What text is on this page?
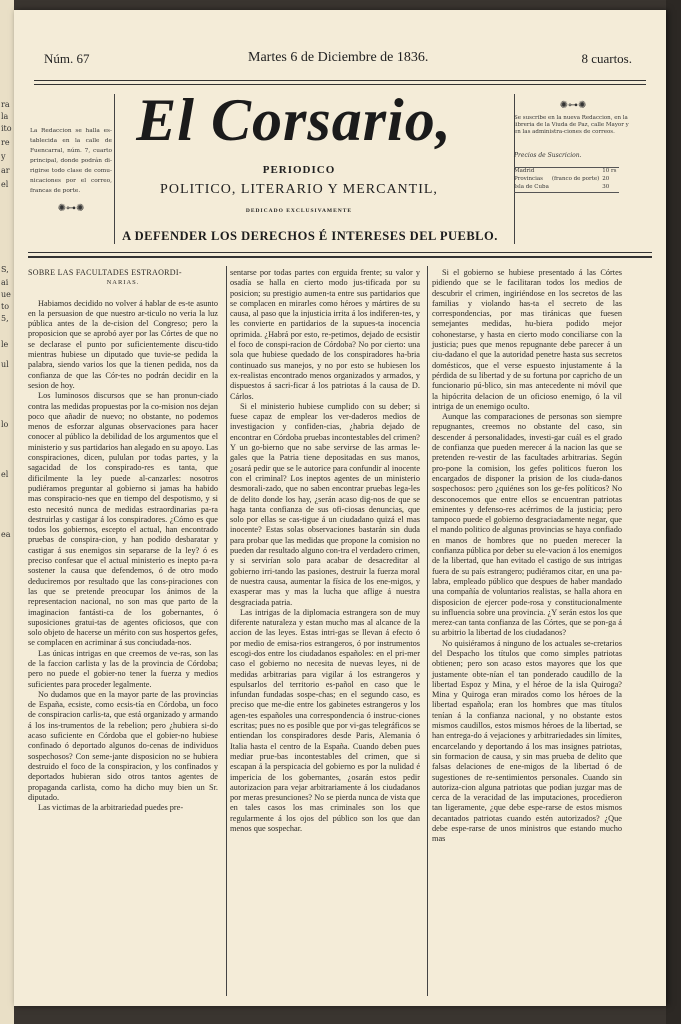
ra
la
ito
re
y
ar
el
S,
ai
ue
to
5,
le
ul
lo
el
ea
Núm. 67	Martes 6 de Diciembre de 1836.	8 cuartos.
La Redaccion se halla es-tablecida en la calle de Fuencarral, núm. 7, cuarto principal, donde podrán di-rigirse todo clase de comu-nicaciones por el correo, francas de porte.
✺⊶✺
El Corsario,
PERIODICO
POLITICO, LITERARIO Y MERCANTIL,
DEDICADO EXCLUSIVAMENTE
A DEFENDER LOS DERECHOS É INTERESES DEL PUEBLO.
✺⊶✺
Se suscribe en la nueva Redaccion, en la libreria de la Viuda de Paz, calle Mayor y en las administra-ciones de correos.
Precios de Suscricion.
Madrid		10 rs
Provincias	(franco de porte)	20
Isla de Cuba		30

SOBRE LAS FACULTADES ESTRAORDI-

NARIAS.

Habiamos decidido no volver á hablar de es-te asunto en la persuasion de que nuestro ar-ticulo no veria la luz pública antes de la de-cision del Congreso; pero la proposicion que se aprobó ayer por las Córtes de que no se declarase el punto por suficientemente discu-tido mientras hubiese un diputado que tuvie-se pedida la palabra, siendo varios los que la tienen pedida, nos da confianza de que las Cór-tes no podrán decidir en la sesion de hoy.

Los luminosos discursos que se han pronun-ciado contra las medidas propuestas por la co-mision nos dejan poco que añadir de nuevo; no obstante, no podemos menos de esforzar algunas observaciones para hacer conocer al público la debilidad de los argumentos que el ministerio y sus partidarios han alegado en su apoyo. Las conspiraciones, dicen, pululan por todas partes, y la sagacidad de los conspirado-res es tanta, que dificilmente la ley puede al-canzarles: nosotros pudiéramos preguntar al gobierno si jamas ha habido mas conspiracio-nes que en tiempo del despotismo, y si esto necesitó nunca de medidas estraordinarias pa-ra destruirlas y castigar á los conspiradores. ¿Cómo es que todos los gobiernos, escepto el actual, han encontrado pruebas de conspira-cion, y han podido desbaratar y castigar á sus enemigos sin separarse de la ley? ó es preciso confesar que el actual ministerio es inepto pa-ra sostener la causa que defendemos, ó de otro modo deduciremos por resultado que las cons-piraciones con las que se pretende preocupar los ánimos de la representacion nacional, no son mas que parto de la imaginacion fantásti-ca de los gobernantes, ó suposiciones gratui-tas de agentes oficiosos, que con solo objeto de hacerse un mérito con sus hospertos gefes, se complacen en acriminar á sus conciudada-nos.

Las únicas intrigas en que creemos de ve-ras, son las de la faccion carlista y las de la provincia de Córdoba; pero no puede el gobier-no tener la fuerza y medios suficientes para proceder legalmente.

No dudamos que en la mayor parte de las provincias de España, ecsiste, como ecsis-tía en Córdoba, un foco de conspiracion carlis-ta, que está organizado y armando á los ins-trumentos de la rebelion; pero ¿hubiera si-do acaso suficiente en Córdoba que el gobier-no hubiese confinado ó deportado algunos do-cenas de individuos sospechosos? Con seme-jante disposicion no se hubiera destruido el foco de la conspiracion, y los confinados y deportados hubieran sido otros tantos agentes de propaganda carlista, como ha dicho muy bien un Sr. diputado.

Las victimas de la arbitrariedad puedes pre-

sentarse por todas partes con erguida frente; su valor y osadía se halla en cierto modo jus-tificada por su posicion; su prestigio aumen-ta entre sus partidarios que se complacen en mirarles como héroes y mártires de su causa, al paso que la injusticia irrita á los indiferen-tes, y les convierte en partidarios de la supues-ta inocencia oprimida. ¿Habrá por esto, re-petimos, dejado de ecsistir el foco de conspi-racion de Córdoba? No por cierto: una sola que hubiese quedado de los conspiradores ha-bria continuado sus manejos, y no por esto se hubiesen los ex-realistas encontrado menos organizados y armados, y dispuestos á sacri-ficar á los patriotas á la causa de D. Cárlos.

Si el ministerio hubiese cumplido con su deber; si fuese capaz de emplear los ver-daderos medios de investigacion y confiden-cias, ¿habria dejado de encontrar en Córdoba pruebas incontestables del crimen? Y un go-bierno que no sabe servirse de las armas le-gales que la Patria tiene depositadas en sus manos, ¿osará pedir que se le autorice para confundir al inocente con el criminal? Los ineptos agentes de un ministerio desmorali-zado, que no saben encontrar pruebas lega-les de delito donde los hay, ¿serán acaso dig-nos de que se haga tanta confianza de sus ofi-ciosas denuncias, que solo por ellas se cas-tigue á un ciudadano quizá el mas inocente? Estas solas observaciones bastarán sin duda para probar que las medidas que propone la comision no pueden dar resultado alguno con-tra el verdadero crimen, y si servirían solo para acabar de desacreditar al gobierno irri-tando las pasiones, destruir la fuerza moral de nuestra causa, aumentar la física de los ene-migos, y exasperar mas y mas la lucha que aflige á nuestra desgraciada patria.

Las intrigas de la diplomacia estrangera son de muy diferente naturaleza y estan mucho mas al alcance de la accion de las leyes. Estas intri-gas se llevan á efecto ó por medio de emisa-rios estrangeros, ó por instrumentos escogi-dos entre los ciudadanos españoles: en el pri-mer caso el gobierno no necesita de nuevas leyes, ni de medidas arbitrarias para vigilar á los estrangeros y espulsarlos del territorio es-pañol en caso que le infundan fundadas sospe-chas; en el segundo caso, es preciso que me-die entre los gabinetes estrangeros y los agen-tes españoles una correspondencia ó instruc-ciones escritas; pues no es posible que por vi-gas telegráficos se entiendan los conspiradores desde Paris, Alemania ó Italia hasta el centro de la España. Cuando deben pues mediar prue-bas incontestables del crimen, que si escapan á la perspicacia del gobierno es por la nulidad é impericia de los gobernantes, ¿osarán estos pedir autorizacion para vejar arbitrariamente á los ciudadanos por meras presunciones? No se pierda nunca de vista que en tales casos los mas criminales son los que regularmente á los ojos del público son los que dan menos que sospechar.

Si el gobierno se hubiese presentado á las Córtes pidiendo que se le facilitaran todos los medios de descubrir el crimen, ingiriéndose en los secretos de las familias y violando has-ta el secreto de las correspondencias, por mas tiránicas que fuesen semejantes medidas, hu-biera podido mejor cohonestarse, y hasta en cierto modo conciliarse con la justicia; pues que menos repugnante debe parecer á un ciu-dadano el que la autoridad penetre hasta sus secretos domésticos, que el verse espuesto injustamente á la pérdida de su libertad y de su fortuna por capricho de un funcionario pú-blico, sin mas antecedente ni móvil que la hipócrita delacion de un oficioso enemigo, ó la vil intriga de un enemigo oculto.

Aunque las comparaciones de personas son siempre repugnantes, creemos no obstante del caso, sin descender á personalidades, investi-gar cuál es el grado de confianza que pueden merecer á la nacion las que se pretenden re-vestir de las facultades arbitrarias. Según pro-pone la comision, los gefes politicos fueron los encargados de disponer la prision de los ciuda-danos sospechosos: pero ¿quiénes son los ge-fes políticos? No desconocemos que entre ellos se encuentran patriotas eminentes y defenso-res acérrimos de la justicia; pero tampoco puede el gobierno desgraciadamente negar, que el mando politico de algunas provincias se haya confiado en manos de hombres que no pueden merecer la confianza pública por deber su ele-vacion á los enemigos de la libertad, que han evitado el castigo de sus intrigas fuera de su país estrangero; pudiéramos citar, en una pa-labra, empleado público que despues de haber mandado una compañía de voluntarios realistas, se halla ahora en disposicion de ejercer pode-rosa y constitucionalmente su influencia sobre una provincia. ¿Y serán estos los que merez-can tanta confianza de las Córtes, que se pon-ga á su arbitrio la libertad de los ciudadanos?

No quisiéramos á ninguno de los actuales se-cretarios del Despacho los títulos que como simples patriotas obtienen; pero son acaso estos mayores que los que justamente obte-nían el tan ponderado caudillo de la libertad Espoz y Mina, y el héroe de la isla Quiroga? Mina y Quiroga eran mirados como los héroes de la libertad española; eran los hombres que mas títulos tenían á la confianza nacional, y no obstante estos mismos caudillos, estos mismos héroes de la libertad, se han entrega-do á vejaciones y arbitrariedades sin límites, encarcelando y deportando á los mas insignes patriotas, sin formacion de causa, y sin mas prueba de delito que falsas delaciones de ene-migos de la libertad ó de sugestiones de re-sentimientos personales. Cuando sin autoriza-cion alguna patriotas que podian juzgar mas de cerca de la veracidad de las imputaciones, procedieron tan ligeramente, ¿que debe espe-rarse de estos mismos decantados patriotas cuando estén autorizados? ¿Que debe espe-rarse de unos ministros que estando mucho mas
